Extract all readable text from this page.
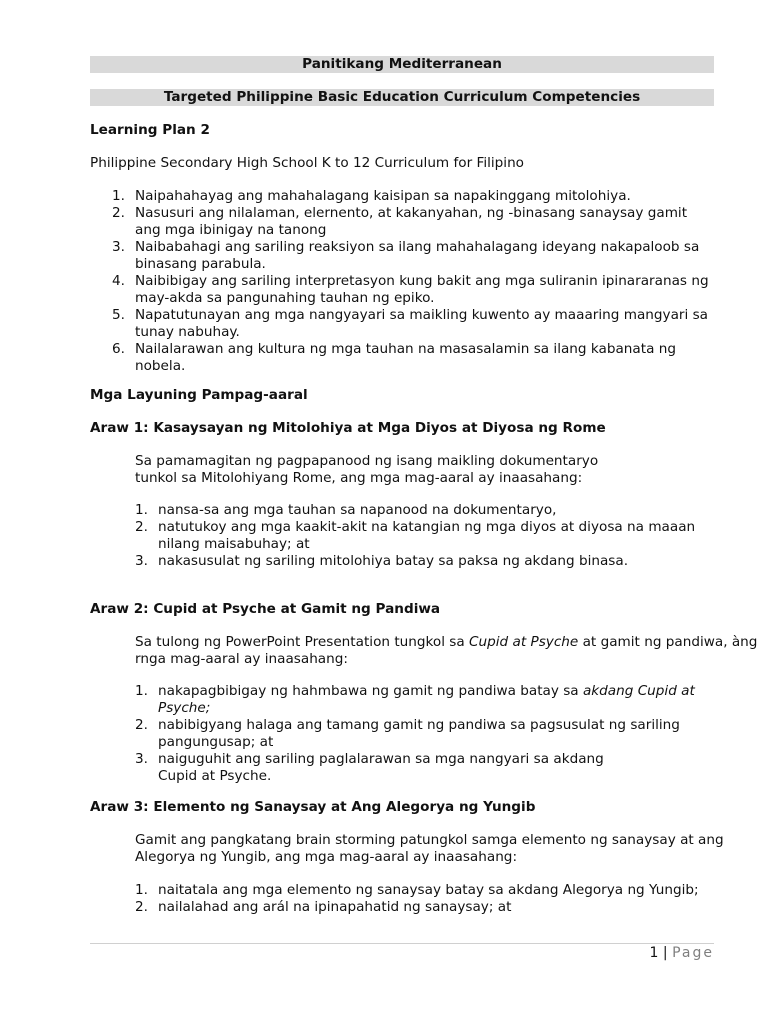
Panitikang Mediterranean
Targeted Philippine Basic Education Curriculum Competencies
Learning Plan 2
Philippine Secondary High School K to 12 Curriculum for Filipino
1. Naipahahayag ang mahahalagang kaisipan sa napakinggang mitolohiya.
2. Nasusuri ang nilalaman, elernento, at kakanyahan, ng -binasang sanaysay gamit ang mga ibinigay na tanong
3. Naibabahagi ang sariling reaksiyon sa ilang mahahalagang ideyang nakapaloob sa binasang parabula.
4. Naibibigay ang sariling interpretasyon kung bakit ang mga suliranin ipinararanas ng may-akda sa pangunahing tauhan ng epiko.
5. Napatutunayan ang mga nangyayari sa maikling kuwento ay maaaring mangyari sa tunay nabuhay.
6. Nailalarawan ang kultura ng mga tauhan na masasalamin sa ilang kabanata ng nobela.
Mga Layuning Pampag-aaral
Araw 1: Kasaysayan ng Mitolohiya at Mga Diyos at Diyosa ng Rome
Sa pamamagitan ng pagpapanood ng isang maikling dokumentaryo
tunkol sa Mitolohiyang Rome, ang mga mag-aaral ay inaasahang:
1. nansa-sa ang mga tauhan sa napanood na dokumentaryo,
2. natutukoy ang mga kaakit-akit na katangian ng mga diyos at diyosa na maaan nilang maisabuhay; at
3. nakasusulat ng sariling mitolohiya batay sa paksa ng akdang binasa.
Araw 2: Cupid at Psyche at Gamit ng Pandiwa
Sa tulong ng PowerPoint Presentation tungkol sa Cupid at Psyche at gamit ng pandiwa, àng rnga mag-aaral ay inaasahang:
1. nakapagbibigay ng hahmbawa ng gamit ng pandiwa batay sa akdang Cupid at Psyche;
2. nabibigyang halaga ang tamang gamit ng pandiwa sa pagsusulat ng sariling pangungusap; at
3. naiguguhit ang sariling paglalarawan sa mga nangyari sa akdang
Cupid at Psyche.
Araw 3: Elemento ng Sanaysay at Ang Alegorya ng Yungib
Gamit ang pangkatang brain storming patungkol samga elemento ng sanaysay at ang Alegorya ng Yungib, ang mga mag-aaral ay inaasahang:
1. naitatala ang mga elemento ng sanaysay batay sa akdang Alegorya ng Yungib;
2. nailalahad ang arál na ipinapahatid ng sanaysay; at
1 | Page
